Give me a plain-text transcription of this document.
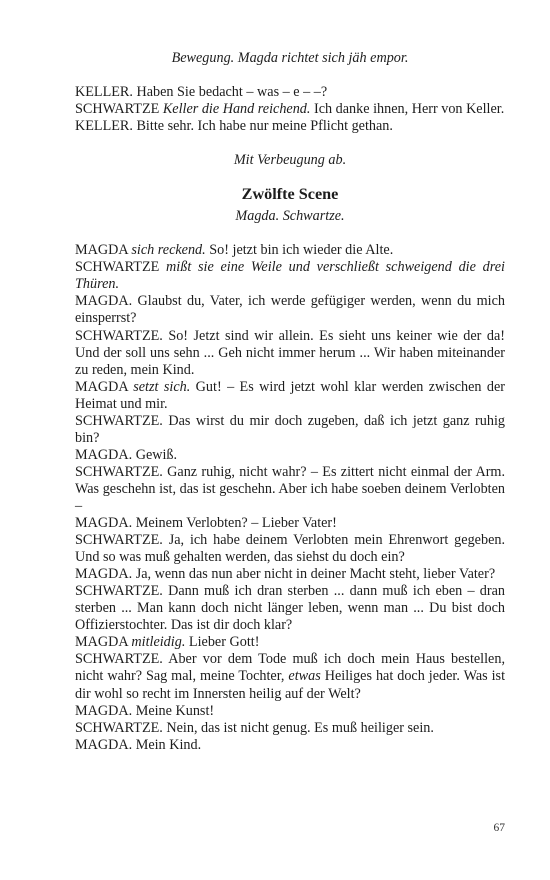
Bewegung. Magda richtet sich jäh empor.

KELLER. Haben Sie bedacht – was – e – –?

SCHWARTZE Keller die Hand reichend. Ich danke ihnen, Herr von Keller.

KELLER. Bitte sehr. Ich habe nur meine Pflicht gethan.

Mit Verbeugung ab.
Zwölfte Scene
Magda. Schwartze.

MAGDA sich reckend. So! jetzt bin ich wieder die Alte.

SCHWARTZE mißt sie eine Weile und verschließt schweigend die drei Thüren.

MAGDA. Glaubst du, Vater, ich werde gefügiger werden, wenn du mich einsperrst?

SCHWARTZE. So! Jetzt sind wir allein. Es sieht uns keiner wie der da! Und der soll uns sehn ... Geh nicht immer herum ... Wir haben miteinander zu reden, mein Kind.

MAGDA setzt sich. Gut! – Es wird jetzt wohl klar werden zwischen der Heimat und mir.

SCHWARTZE. Das wirst du mir doch zugeben, daß ich jetzt ganz ruhig bin?

MAGDA. Gewiß.

SCHWARTZE. Ganz ruhig, nicht wahr? – Es zittert nicht einmal der Arm. Was geschehn ist, das ist geschehn. Aber ich habe soeben deinem Verlobten –

MAGDA. Meinem Verlobten? – Lieber Vater!

SCHWARTZE. Ja, ich habe deinem Verlobten mein Ehrenwort gegeben. Und so was muß gehalten werden, das siehst du doch ein?

MAGDA. Ja, wenn das nun aber nicht in deiner Macht steht, lieber Vater?

SCHWARTZE. Dann muß ich dran sterben ... dann muß ich eben – dran sterben ... Man kann doch nicht länger leben, wenn man ... Du bist doch Offizierstochter. Das ist dir doch klar?

MAGDA mitleidig. Lieber Gott!

SCHWARTZE. Aber vor dem Tode muß ich doch mein Haus bestellen, nicht wahr? Sag mal, meine Tochter, etwas Heiliges hat doch jeder. Was ist dir wohl so recht im Innersten heilig auf der Welt?

MAGDA. Meine Kunst!

SCHWARTZE. Nein, das ist nicht genug. Es muß heiliger sein.

MAGDA. Mein Kind.

67
